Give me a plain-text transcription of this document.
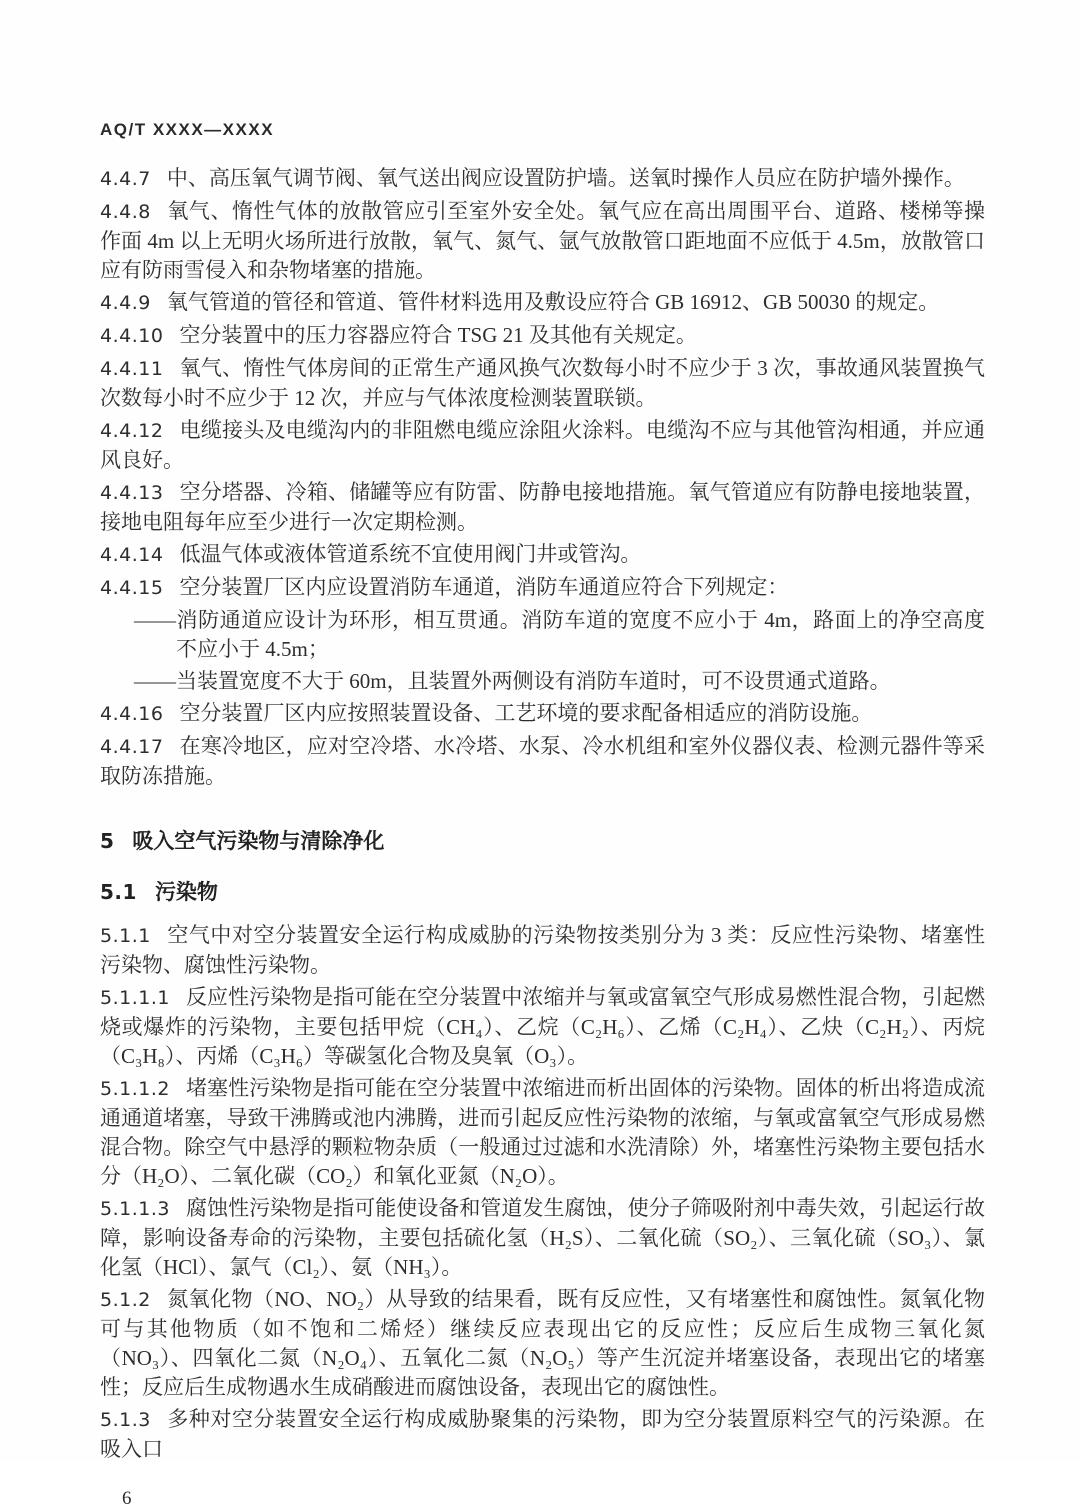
AQ/T XXXX—XXXX

4.4.7 中、高压氧气调节阀、氧气送出阀应设置防护墙。送氧时操作人员应在防护墙外操作。

4.4.8 氧气、惰性气体的放散管应引至室外安全处。氧气应在高出周围平台、道路、楼梯等操作面 4m 以上无明火场所进行放散，氧气、氮气、氩气放散管口距地面不应低于 4.5m，放散管口应有防雨雪侵入和杂物堵塞的措施。

4.4.9 氧气管道的管径和管道、管件材料选用及敷设应符合 GB 16912、GB 50030 的规定。

4.4.10 空分装置中的压力容器应符合 TSG 21 及其他有关规定。

4.4.11 氧气、惰性气体房间的正常生产通风换气次数每小时不应少于 3 次，事故通风装置换气次数每小时不应少于 12 次，并应与气体浓度检测装置联锁。

4.4.12 电缆接头及电缆沟内的非阻燃电缆应涂阻火涂料。电缆沟不应与其他管沟相通，并应通风良好。

4.4.13 空分塔器、冷箱、储罐等应有防雷、防静电接地措施。氧气管道应有防静电接地装置，接地电阻每年应至少进行一次定期检测。

4.4.14 低温气体或液体管道系统不宜使用阀门井或管沟。

4.4.15 空分装置厂区内应设置消防车通道，消防车通道应符合下列规定：

——消防通道应设计为环形，相互贯通。消防车道的宽度不应小于 4m，路面上的净空高度不应小于 4.5m；

——当装置宽度不大于 60m，且装置外两侧设有消防车道时，可不设贯通式道路。

4.4.16 空分装置厂区内应按照装置设备、工艺环境的要求配备相适应的消防设施。

4.4.17 在寒冷地区，应对空冷塔、水冷塔、水泵、冷水机组和室外仪器仪表、检测元器件等采取防冻措施。

5 吸入空气污染物与清除净化

5.1 污染物

5.1.1 空气中对空分装置安全运行构成威胁的污染物按类别分为 3 类：反应性污染物、堵塞性污染物、腐蚀性污染物。

5.1.1.1 反应性污染物是指可能在空分装置中浓缩并与氧或富氧空气形成易燃性混合物，引起燃烧或爆炸的污染物，主要包括甲烷（CH₄）、乙烷（C₂H₆）、乙烯（C₂H₄）、乙炔（C₂H₂）、丙烷（C₃H₈）、丙烯（C₃H₆）等碳氢化合物及臭氧（O₃）。

5.1.1.2 堵塞性污染物是指可能在空分装置中浓缩进而析出固体的污染物。固体的析出将造成流通通道堵塞，导致干沸腾或池内沸腾，进而引起反应性污染物的浓缩，与氧或富氧空气形成易燃混合物。除空气中悬浮的颗粒物杂质（一般通过过滤和水洗清除）外，堵塞性污染物主要包括水分（H₂O）、二氧化碳（CO₂）和氧化亚氮（N₂O）。

5.1.1.3 腐蚀性污染物是指可能使设备和管道发生腐蚀，使分子筛吸附剂中毒失效，引起运行故障，影响设备寿命的污染物，主要包括硫化氢（H₂S）、二氧化硫（SO₂）、三氧化硫（SO₃）、氯化氢（HCl）、氯气（Cl₂）、氨（NH₃）。

5.1.2 氮氧化物（NO、NO₂）从导致的结果看，既有反应性，又有堵塞性和腐蚀性。氮氧化物可与其他物质（如不饱和二烯烃）继续反应表现出它的反应性；反应后生成物三氧化氮（NO₃）、四氧化二氮（N₂O₄）、五氧化二氮（N₂O₅）等产生沉淀并堵塞设备，表现出它的堵塞性；反应后生成物遇水生成硝酸进而腐蚀设备，表现出它的腐蚀性。

5.1.3 多种对空分装置安全运行构成威胁聚集的污染物，即为空分装置原料空气的污染源。在吸入口

6
